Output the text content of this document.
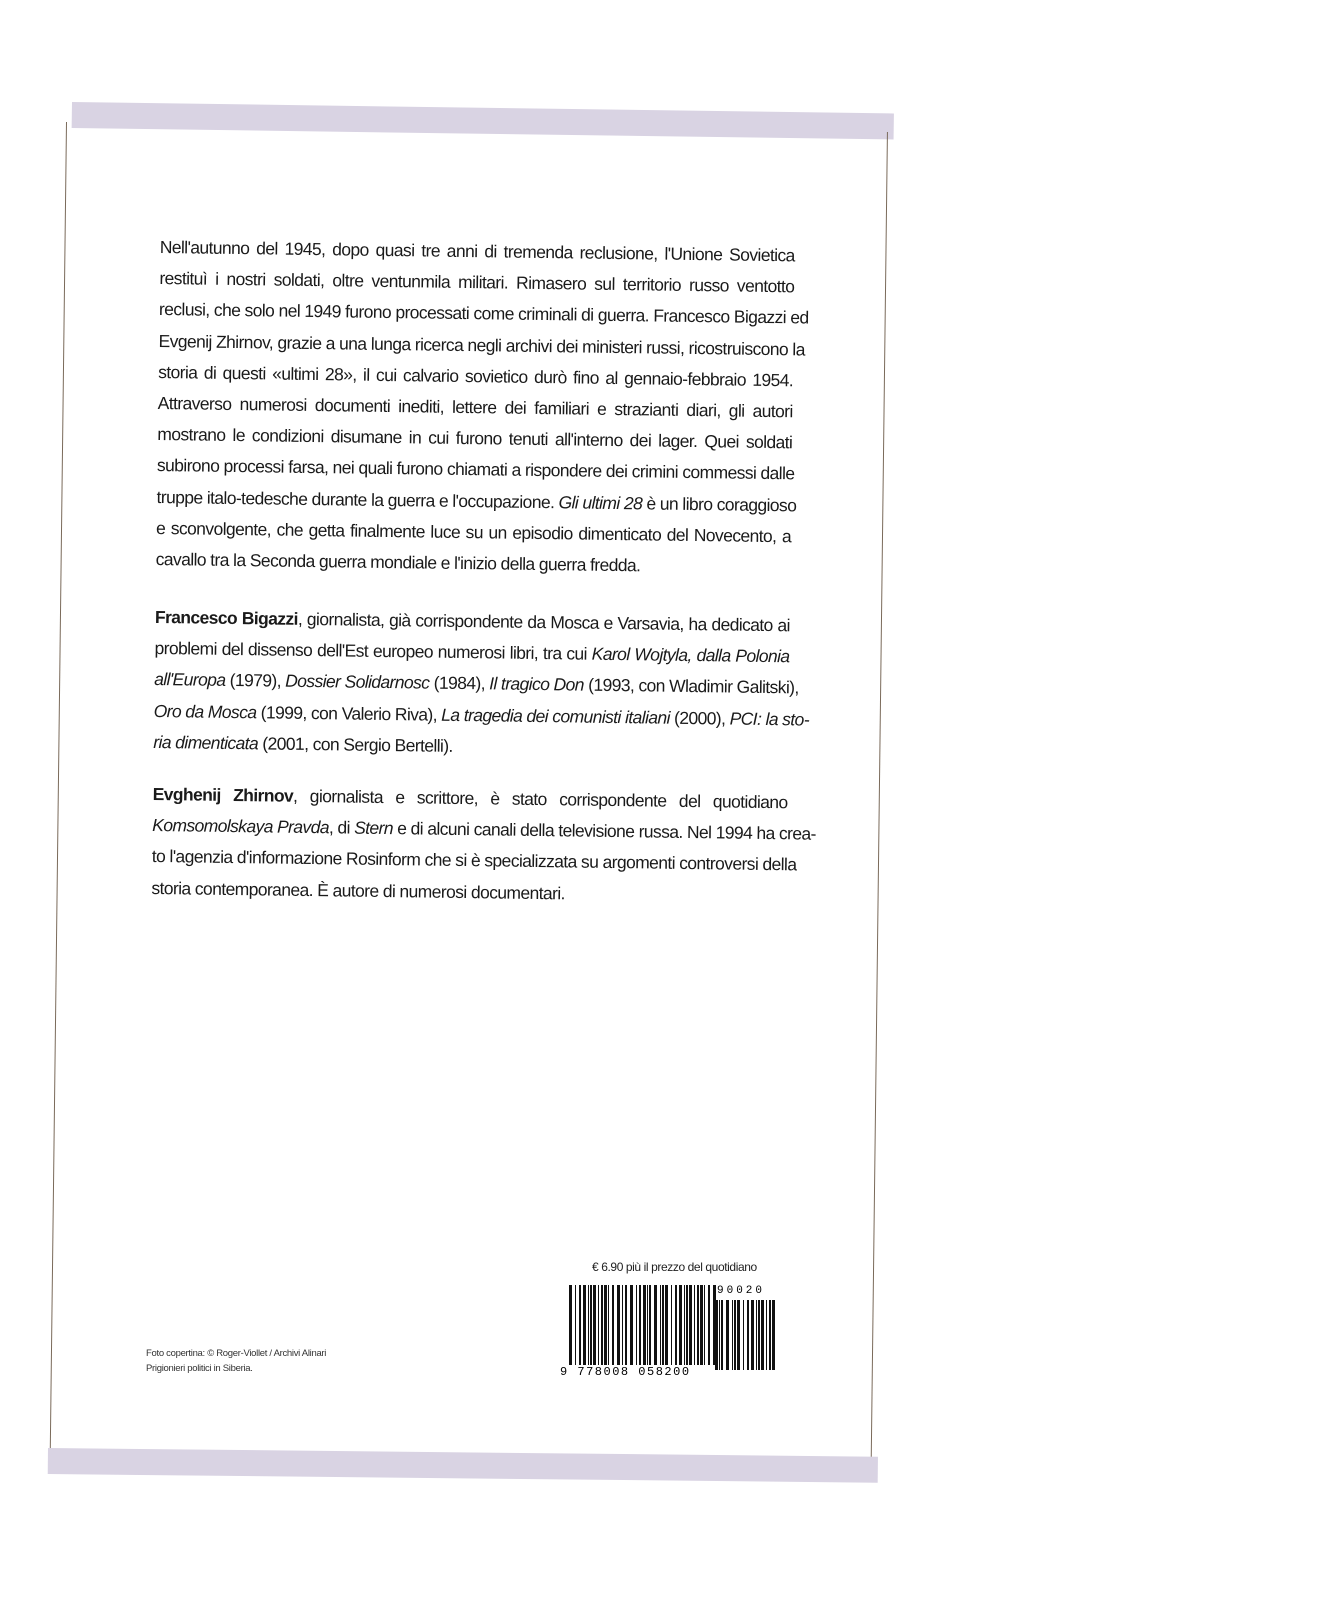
Nell'autunno del 1945, dopo quasi tre anni di tremenda reclusione, l'Unione Sovietica
restituì i nostri soldati, oltre ventunmila militari. Rimasero sul territorio russo ventotto
reclusi, che solo nel 1949 furono processati come criminali di guerra. Francesco Bigazzi ed
Evgenij Zhirnov, grazie a una lunga ricerca negli archivi dei ministeri russi, ricostruiscono la
storia di questi «ultimi 28», il cui calvario sovietico durò fino al gennaio-febbraio 1954.
Attraverso numerosi documenti inediti, lettere dei familiari e strazianti diari, gli autori
mostrano le condizioni disumane in cui furono tenuti all'interno dei lager. Quei soldati
subirono processi farsa, nei quali furono chiamati a rispondere dei crimini commessi dalle
truppe italo-tedesche durante la guerra e l'occupazione. Gli ultimi 28 è un libro coraggioso
e sconvolgente, che getta finalmente luce su un episodio dimenticato del Novecento, a
cavallo tra la Seconda guerra mondiale e l'inizio della guerra fredda.
Francesco Bigazzi, giornalista, già corrispondente da Mosca e Varsavia, ha dedicato ai
problemi del dissenso dell'Est europeo numerosi libri, tra cui Karol Wojtyla, dalla Polonia
all'Europa (1979), Dossier Solidarnosc (1984), Il tragico Don (1993, con Wladimir Galitski),
Oro da Mosca (1999, con Valerio Riva), La tragedia dei comunisti italiani (2000), PCI: la sto-
ria dimenticata (2001, con Sergio Bertelli).
Evghenij Zhirnov, giornalista e scrittore, è stato corrispondente del quotidiano
Komsomolskaya Pravda, di Stern e di alcuni canali della televisione russa. Nel 1994 ha crea-
to l'agenzia d'informazione Rosinform che si è specializzata su argomenti controversi della
storia contemporanea. È autore di numerosi documentari.
Foto copertina: © Roger-Viollet / Archivi Alinari
Prigionieri politici in Siberia.
€ 6.90 più il prezzo del quotidiano
9 778008 058200
90020
